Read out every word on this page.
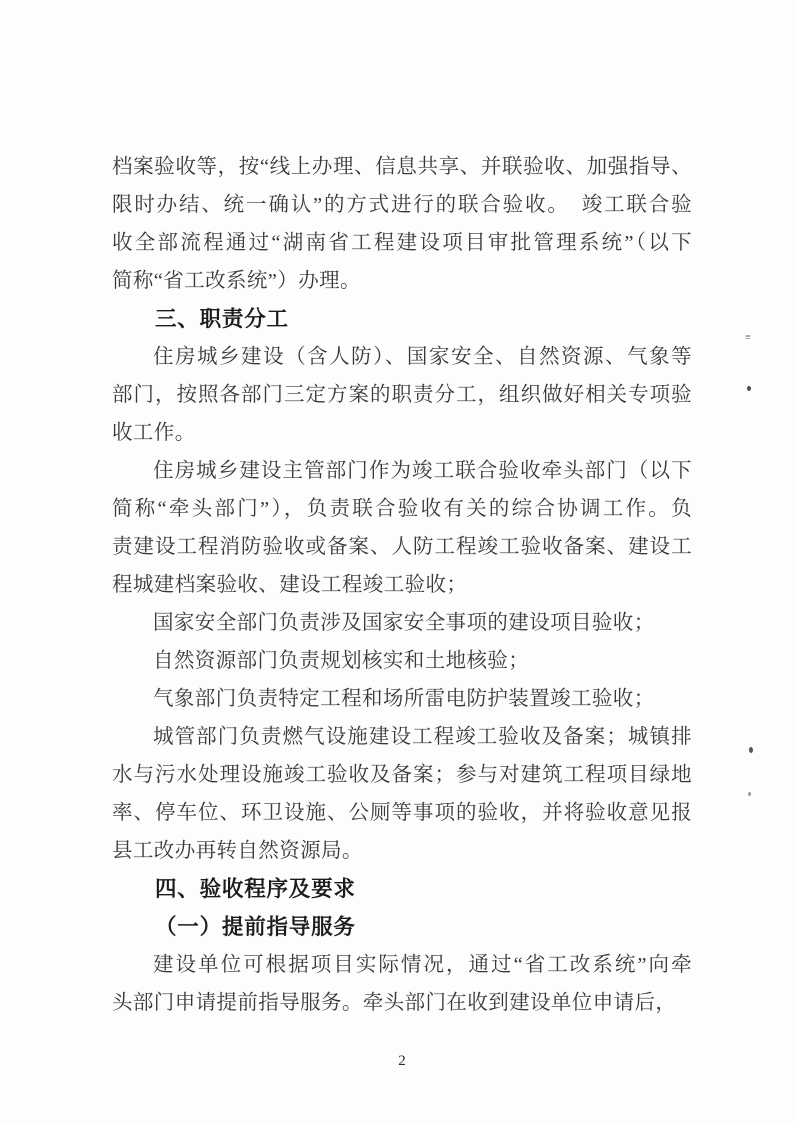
档案验收等，按“线上办理、信息共享、并联验收、加强指导、
限时办结、统一确认”的方式进行的联合验收。　竣工联合验
收全部流程通过“湖南省工程建设项目审批管理系统”（以下
简称“省工改系统”）办理。
三、职责分工
住房城乡建设（含人防）、国家安全、自然资源、气象等
部门，按照各部门三定方案的职责分工，组织做好相关专项验
收工作。
住房城乡建设主管部门作为竣工联合验收牵头部门（以下
简称“牵头部门”），负责联合验收有关的综合协调工作。负
责建设工程消防验收或备案、人防工程竣工验收备案、建设工
程城建档案验收、建设工程竣工验收；
国家安全部门负责涉及国家安全事项的建设项目验收；
自然资源部门负责规划核实和土地核验；
气象部门负责特定工程和场所雷电防护装置竣工验收；
城管部门负责燃气设施建设工程竣工验收及备案；城镇排
水与污水处理设施竣工验收及备案；参与对建筑工程项目绿地
率、停车位、环卫设施、公厕等事项的验收，并将验收意见报
县工改办再转自然资源局。
四、验收程序及要求
（一）提前指导服务
建设单位可根据项目实际情况，通过“省工改系统”向牵
头部门申请提前指导服务。牵头部门在收到建设单位申请后，
2
≡
